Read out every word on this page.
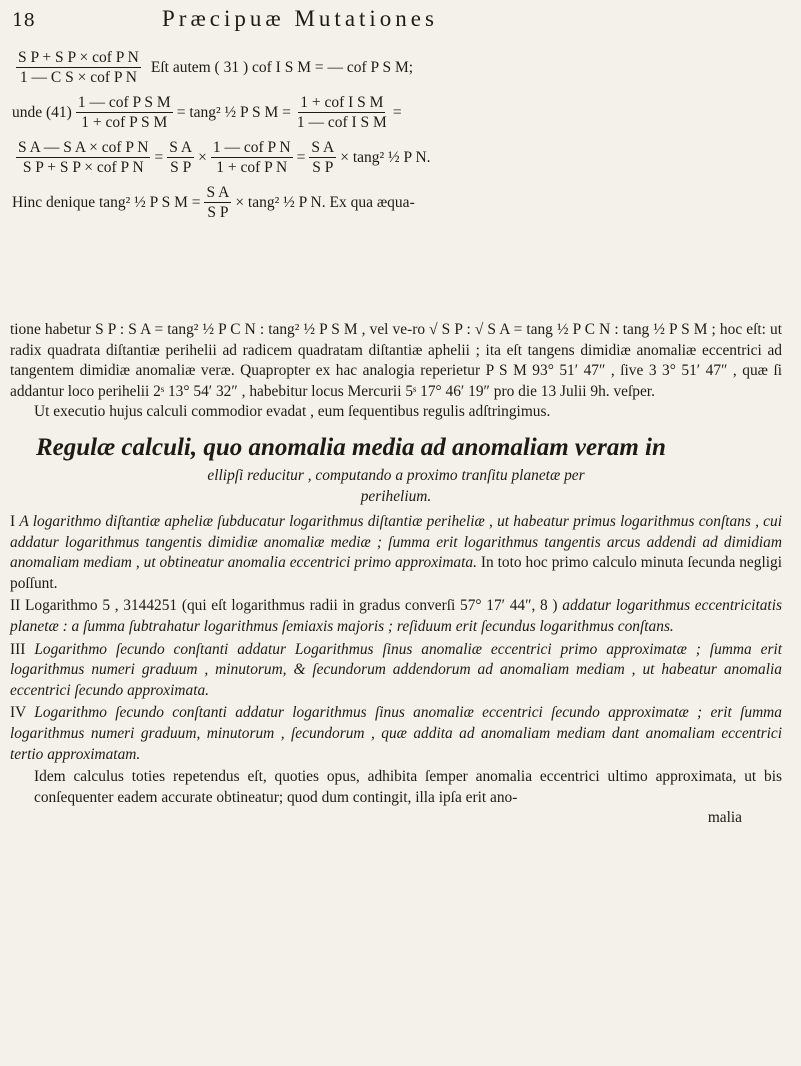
18	Præcipuæ Mutationes
$\frac{\text{S P + S P × cof P N}}{\text{1 — C S × cof P N}}$ Eſt autem ( 31 ) cof I S M = — cof P S M;
unde $(41) \frac{\text{1 — cof P S M}}{\text{1 + cof P S M}} = \tan g^2$ ½ P S $M = \frac{\text{1 + cof I S M}}{\text{1 — cof I S M}}$ =
$\frac{\text{S A — S A × cof P N}}{\text{S P + S P × cof P N}} = \frac{\text{S A}}{\text{S P}} \times \frac{\text{1 — cof P N}}{\text{1 + cof P N}} = \frac{\text{S A}}{\text{S P}} \times \tan g^2$ ½ P N.
Hinc denique tang² ½ P S $M = \frac{\text{S A}}{\text{S P}} \times \tan g^2$ ½ P N. Ex qua æqua-

tione habetur S P : S A = tang² ½ P C N : tang² ½ P S M , vel ve-ro √ S P : √ S A = tang ½ P C N : tang ½ P S M ; hoc eſt: ut radix quadrata diſtantiæ perihelii ad radicem quadratam diſtantiæ aphelii ; ita eſt tangens dimidiæ anomaliæ eccentrici ad tangentem dimidiæ anomaliæ veræ. Quapropter ex hac analogia reperietur P S M 93° 51′ 47″ , ſive 3 3° 51′ 47″ , quæ ſi addantur loco perihelii 2ˢ 13° 54′ 32″ , habebitur locus Mercurii 5ˢ 17° 46′ 19″ pro die 13 Julii 9h. veſper.

Ut executio hujus calculi commodior evadat , eum ſequentibus regulis adſtringimus.

Regulæ calculi, quo anomalia media ad anomaliam veram in
ellipſi reducitur , computando a proximo tranſitu planetæ per
perihelium.

I A logarithmo diſtantiæ apheliæ ſubducatur logarithmus diſtantiæ periheliæ , ut habeatur primus logarithmus conſtans , cui addatur logarithmus tangentis dimidiæ anomaliæ mediæ ; ſumma erit logarithmus tangentis arcus addendi ad dimidiam anomaliam mediam , ut obtineatur anomalia eccentrici primo approximata. In toto hoc primo calculo minuta ſecunda negligi poſſunt.

II Logarithmo 5 , 3144251 (qui eſt logarithmus radii in gradus converſi 57° 17′ 44″, 8 ) addatur logarithmus eccentricitatis planetæ : a ſumma ſubtrahatur logarithmus ſemiaxis majoris ; reſiduum erit ſecundus logarithmus conſtans.

III Logarithmo ſecundo conſtanti addatur Logarithmus ſinus anomaliæ eccentrici primo approximatæ ; ſumma erit logarithmus numeri graduum , minutorum, & ſecundorum addendorum ad anomaliam mediam , ut habeatur anomalia eccentrici ſecundo approximata.

IV Logarithmo ſecundo conſtanti addatur logarithmus ſinus anomaliæ eccentrici ſecundo approximatæ ; erit ſumma logarithmus numeri graduum, minutorum , ſecundorum , quæ addita ad anomaliam mediam dant anomaliam eccentrici tertio approximatam.

Idem calculus toties repetendus eſt, quoties opus, adhibita ſemper anomalia eccentrici ultimo approximata, ut bis conſequenter eadem accurate obtineatur; quod dum contingit, illa ipſa erit ano-

malia
